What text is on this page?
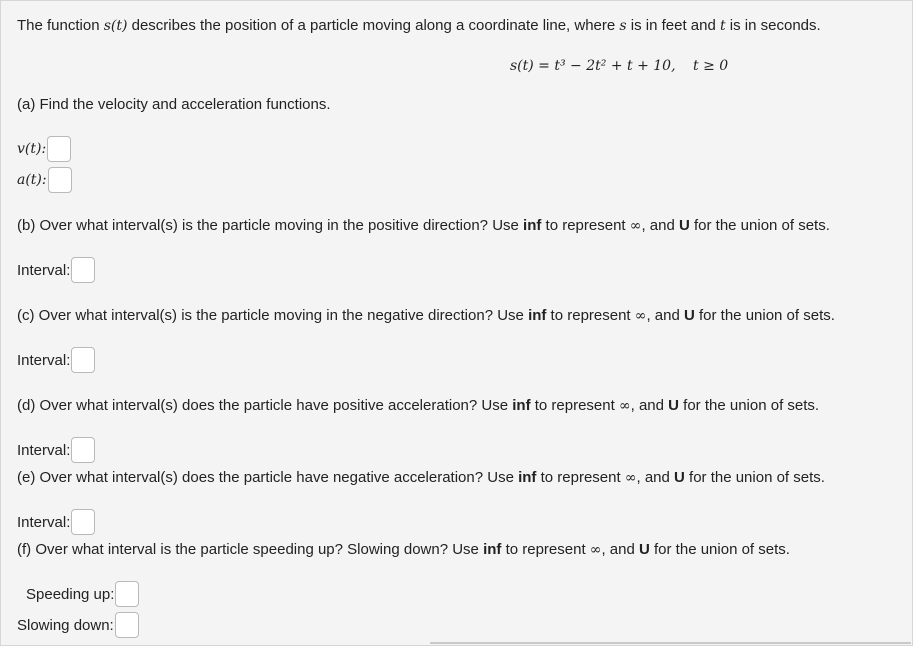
The function s(t) describes the position of a particle moving along a coordinate line, where s is in feet and t is in seconds.
s(t) = t³ − 2t² + t + 10, t ≥ 0
(a) Find the velocity and acceleration functions.
v(t):
a(t):
(b) Over what interval(s) is the particle moving in the positive direction? Use inf to represent ∞, and U for the union of sets.
Interval:
(c) Over what interval(s) is the particle moving in the negative direction? Use inf to represent ∞, and U for the union of sets.
Interval:
(d) Over what interval(s) does the particle have positive acceleration? Use inf to represent ∞, and U for the union of sets.
Interval:
(e) Over what interval(s) does the particle have negative acceleration? Use inf to represent ∞, and U for the union of sets.
Interval:
(f) Over what interval is the particle speeding up? Slowing down? Use inf to represent ∞, and U for the union of sets.
Speeding up:
Slowing down:
